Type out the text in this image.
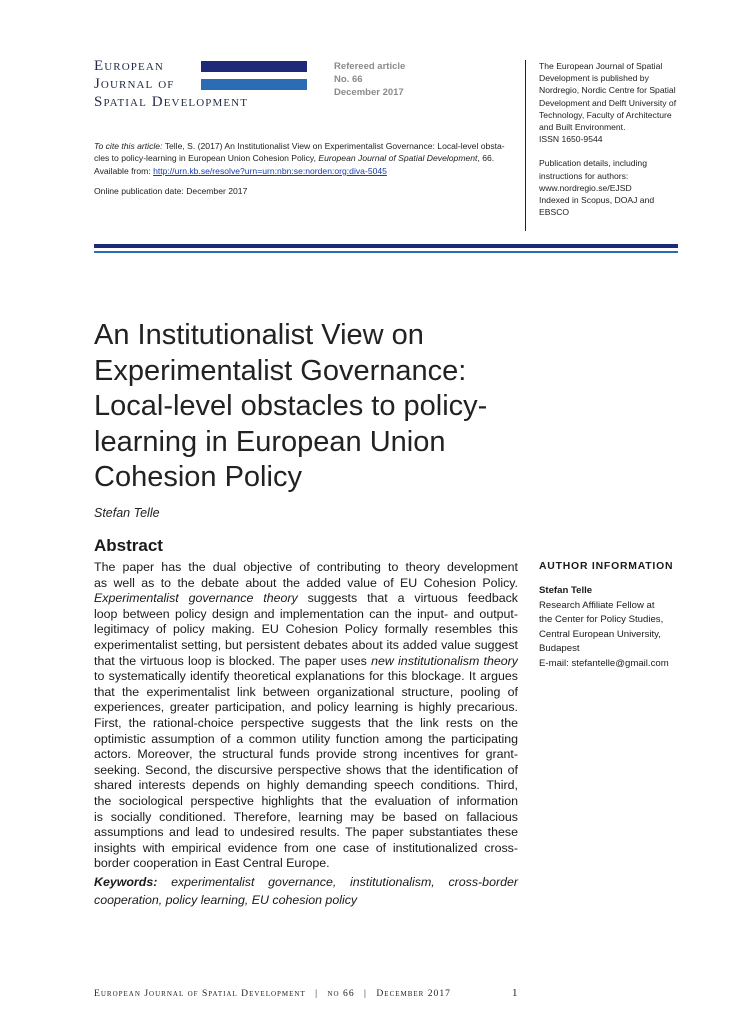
European
Journal of
Spatial Development
Refereed article
No. 66
December 2017
The European Journal of Spatial
Development is published by
Nordregio, Nordic Centre for Spatial
Development and Delft University of
Technology, Faculty of Architecture
and Built Environment.
ISSN 1650-9544
Publication details, including
instructions for authors:
www.nordregio.se/EJSD
Indexed in Scopus, DOAJ and
EBSCO
To cite this article: Telle, S. (2017) An Institutionalist View on Experimentalist Governance: Local-level obsta-
cles to policy-learning in European Union Cohesion Policy, European Journal of Spatial Development, 66.
Available from: http://urn.kb.se/resolve?urn=urn:nbn:se:norden:org:diva-5045
Online publication date: December 2017
An Institutionalist View on
Experimentalist Governance:
Local-level obstacles to policy-
learning in European Union
Cohesion Policy
Stefan Telle
Abstract
The paper has the dual objective of contributing to theory development
as well as to the debate about the added value of EU Cohesion Policy.
Experimentalist governance theory suggests that a virtuous feedback
loop between policy design and implementation can the input- and output-
legitimacy of policy making. EU Cohesion Policy formally resembles this
experimentalist setting, but persistent debates about its added value suggest
that the virtuous loop is blocked. The paper uses new institutionalism theory
to systematically identify theoretical explanations for this blockage. It argues
that the experimentalist link between organizational structure, pooling of
experiences, greater participation, and policy learning is highly precarious.
First, the rational-choice perspective suggests that the link rests on the
optimistic assumption of a common utility function among the participating
actors. Moreover, the structural funds provide strong incentives for grant-
seeking. Second, the discursive perspective shows that the identification of
shared interests depends on highly demanding speech conditions. Third,
the sociological perspective highlights that the evaluation of information
is socially conditioned. Therefore, learning may be based on fallacious
assumptions and lead to undesired results. The paper substantiates these
insights with empirical evidence from one case of institutionalized cross-
border cooperation in East Central Europe.
Keywords: experimentalist governance, institutionalism, cross-border
cooperation, policy learning, EU cohesion policy
AUTHOR INFORMATION
Stefan Telle
Research Affiliate Fellow at
the Center for Policy Studies,
Central European University,
Budapest
E-mail: stefantelle@gmail.com
European Journal of Spatial Development | no 66 | December 2017	1
